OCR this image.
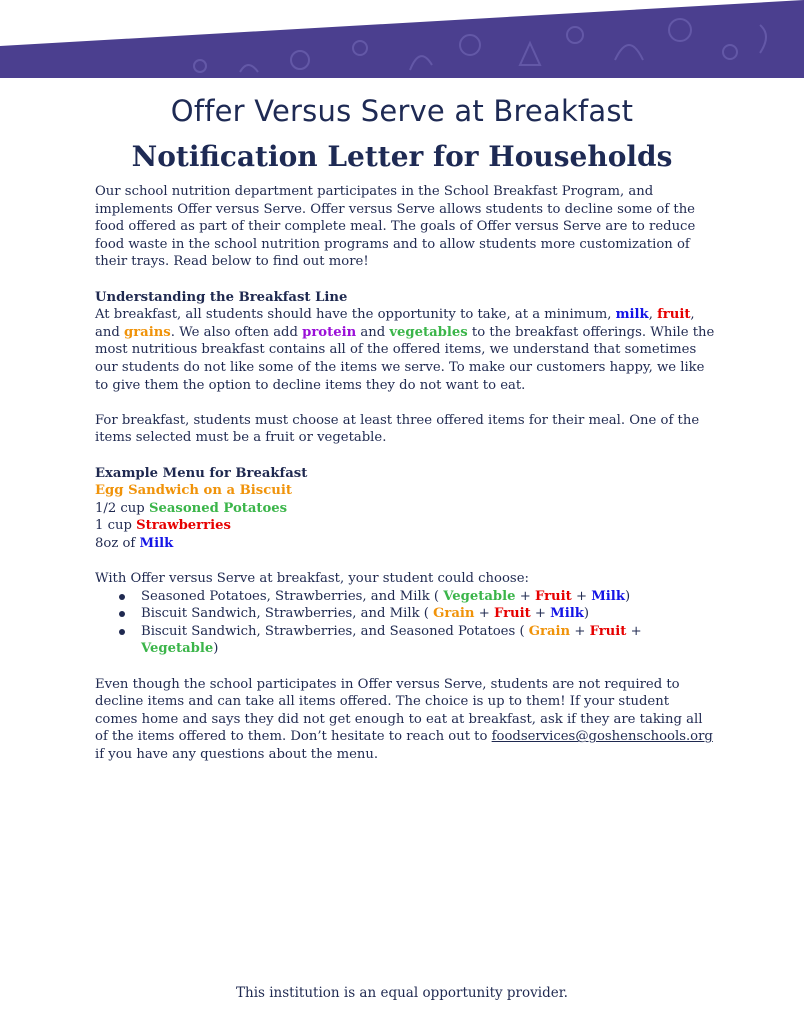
Offer Versus Serve at Breakfast
Notification Letter for Households

Our school nutrition department participates in the School Breakfast Program, and implements Offer versus Serve. Offer versus Serve allows students to decline some of the food offered as part of their complete meal. The goals of Offer versus Serve are to reduce food waste in the school nutrition programs and to allow students more customization of their trays. Read below to find out more!

Understanding the Breakfast Line

At breakfast, all students should have the opportunity to take, at a minimum, milk, fruit, and grains. We also often add protein and vegetables to the breakfast offerings. While the most nutritious breakfast contains all of the offered items, we understand that sometimes our students do not like some of the items we serve. To make our customers happy, we like to give them the option to decline items they do not want to eat.

For breakfast, students must choose at least three offered items for their meal. One of the items selected must be a fruit or vegetable.

Example Menu for Breakfast

Egg Sandwich on a Biscuit

1/2 cup Seasoned Potatoes

1 cup Strawberries

8oz of Milk

With Offer versus Serve at breakfast, your student could choose:

Seasoned Potatoes, Strawberries, and Milk ( Vegetable + Fruit + Milk)
Biscuit Sandwich, Strawberries, and Milk ( Grain + Fruit + Milk)
Biscuit Sandwich, Strawberries, and Seasoned Potatoes ( Grain + Fruit + Vegetable)

Even though the school participates in Offer versus Serve, students are not required to decline items and can take all items offered. The choice is up to them! If your student comes home and says they did not get enough to eat at breakfast, ask if they are taking all of the items offered to them. Don’t hesitate to reach out to foodservices@goshenschools.org if you have any questions about the menu.

This institution is an equal opportunity provider.
